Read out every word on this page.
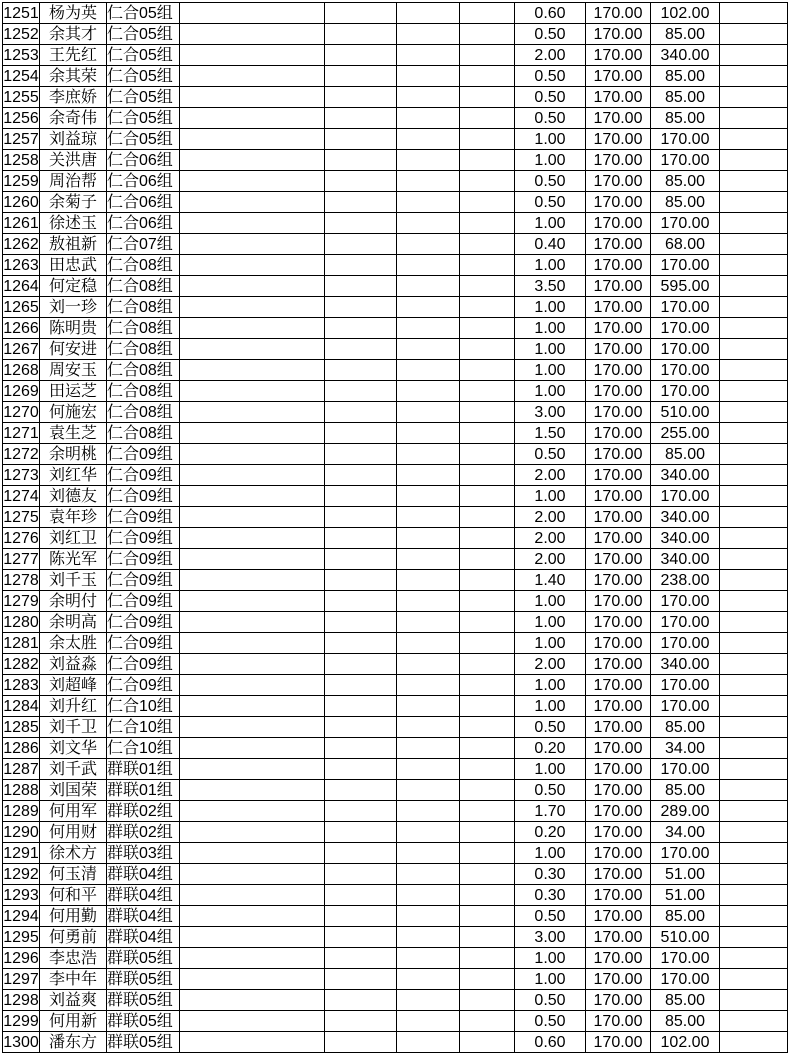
1251	杨为英	仁合05组					0.60	170.00	102.00	
1252	余其才	仁合05组					0.50	170.00	85.00	
1253	王先红	仁合05组					2.00	170.00	340.00	
1254	余其荣	仁合05组					0.50	170.00	85.00	
1255	李庶娇	仁合05组					0.50	170.00	85.00	
1256	余奇伟	仁合05组					0.50	170.00	85.00	
1257	刘益琼	仁合05组					1.00	170.00	170.00	
1258	关洪唐	仁合06组					1.00	170.00	170.00	
1259	周治帮	仁合06组					0.50	170.00	85.00	
1260	余菊子	仁合06组					0.50	170.00	85.00	
1261	徐述玉	仁合06组					1.00	170.00	170.00	
1262	敖祖新	仁合07组					0.40	170.00	68.00	
1263	田忠武	仁合08组					1.00	170.00	170.00	
1264	何定稳	仁合08组					3.50	170.00	595.00	
1265	刘一珍	仁合08组					1.00	170.00	170.00	
1266	陈明贵	仁合08组					1.00	170.00	170.00	
1267	何安进	仁合08组					1.00	170.00	170.00	
1268	周安玉	仁合08组					1.00	170.00	170.00	
1269	田运芝	仁合08组					1.00	170.00	170.00	
1270	何施宏	仁合08组					3.00	170.00	510.00	
1271	袁生芝	仁合08组					1.50	170.00	255.00	
1272	余明桃	仁合09组					0.50	170.00	85.00	
1273	刘红华	仁合09组					2.00	170.00	340.00	
1274	刘德友	仁合09组					1.00	170.00	170.00	
1275	袁年珍	仁合09组					2.00	170.00	340.00	
1276	刘红卫	仁合09组					2.00	170.00	340.00	
1277	陈光军	仁合09组					2.00	170.00	340.00	
1278	刘千玉	仁合09组					1.40	170.00	238.00	
1279	余明付	仁合09组					1.00	170.00	170.00	
1280	余明高	仁合09组					1.00	170.00	170.00	
1281	余太胜	仁合09组					1.00	170.00	170.00	
1282	刘益淼	仁合09组					2.00	170.00	340.00	
1283	刘超峰	仁合09组					1.00	170.00	170.00	
1284	刘升红	仁合10组					1.00	170.00	170.00	
1285	刘千卫	仁合10组					0.50	170.00	85.00	
1286	刘文华	仁合10组					0.20	170.00	34.00	
1287	刘千武	群联01组					1.00	170.00	170.00	
1288	刘国荣	群联01组					0.50	170.00	85.00	
1289	何用军	群联02组					1.70	170.00	289.00	
1290	何用财	群联02组					0.20	170.00	34.00	
1291	徐术方	群联03组					1.00	170.00	170.00	
1292	何玉清	群联04组					0.30	170.00	51.00	
1293	何和平	群联04组					0.30	170.00	51.00	
1294	何用勤	群联04组					0.50	170.00	85.00	
1295	何勇前	群联04组					3.00	170.00	510.00	
1296	李忠浩	群联05组					1.00	170.00	170.00	
1297	李中年	群联05组					1.00	170.00	170.00	
1298	刘益爽	群联05组					0.50	170.00	85.00	
1299	何用新	群联05组					0.50	170.00	85.00	
1300	潘东方	群联05组					0.60	170.00	102.00	
